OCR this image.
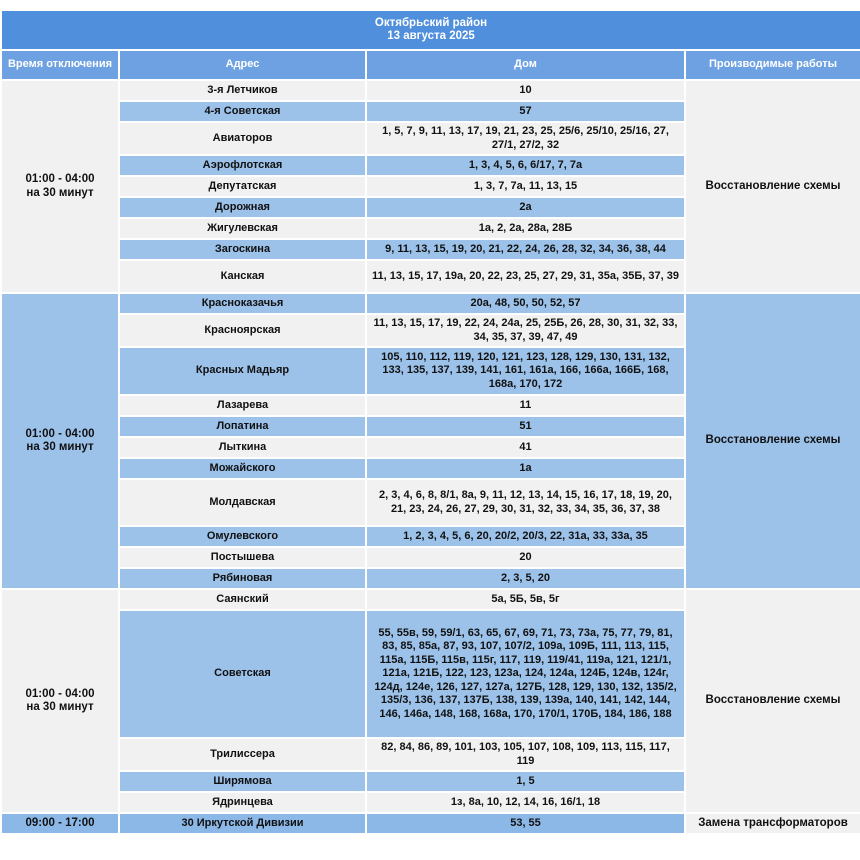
Октябрьский район
13 августа 2025			

Время отключения	Адрес	Дом	Производимые работы

01:00 - 04:00
на 30 минут	3-я Летчиков	10	Восстановление схемы
	4-я Советская	57	
	Авиаторов	1, 5, 7, 9, 11, 13, 17, 19, 21, 23, 25, 25/6, 25/10, 25/16, 27, 27/1, 27/2, 32	
	Аэрофлотская	1, 3, 4, 5, 6, 6/17, 7, 7а	
	Депутатская	1, 3, 7, 7а, 11, 13, 15	
	Дорожная	2а	
	Жигулевская	1а, 2, 2а, 28а, 28Б	
	Загоскина	9, 11, 13, 15, 19, 20, 21, 22, 24, 26, 28, 32, 34, 36, 38, 44	
	Канская	11, 13, 15, 17, 19а, 20, 22, 23, 25, 27, 29, 31, 35а, 35Б, 37, 39	

01:00 - 04:00
на 30 минут	Красноказачья	20а, 48, 50, 50, 52, 57	Восстановление схемы
	Красноярская	11, 13, 15, 17, 19, 22, 24, 24а, 25, 25Б, 26, 28, 30, 31, 32, 33, 34, 35, 37, 39, 47, 49	
	Красных Мадьяр	105, 110, 112, 119, 120, 121, 123, 128, 129, 130, 131, 132, 133, 135, 137, 139, 141, 161, 161а, 166, 166а, 166Б, 168, 168а, 170, 172	
	Лазарева	11	
	Лопатина	51	
	Лыткина	41	
	Можайского	1а	
	Молдавская	2, 3, 4, 6, 8, 8/1, 8а, 9, 11, 12, 13, 14, 15, 16, 17, 18, 19, 20, 21, 23, 24, 26, 27, 29, 30, 31, 32, 33, 34, 35, 36, 37, 38	
	Омулевского	1, 2, 3, 4, 5, 6, 20, 20/2, 20/3, 22, 31а, 33, 33а, 35	
	Постышева	20	
	Рябиновая	2, 3, 5, 20	

01:00 - 04:00
на 30 минут	Саянский	5а, 5Б, 5в, 5г	Восстановление схемы
	Советская	55, 55в, 59, 59/1, 63, 65, 67, 69, 71, 73, 73а, 75, 77, 79, 81, 83, 85, 85а, 87, 93, 107, 107/2, 109а, 109Б, 111, 113, 115, 115а, 115Б, 115в, 115г, 117, 119, 119/41, 119а, 121, 121/1, 121а, 121Б, 122, 123, 123а, 124, 124а, 124Б, 124в, 124г, 124д, 124е, 126, 127, 127а, 127Б, 128, 129, 130, 132, 135/2, 135/3, 136, 137, 137Б, 138, 139, 139а, 140, 141, 142, 144, 146, 146а, 148, 168, 168а, 170, 170/1, 170Б, 184, 186, 188	
	Трилиссера	82, 84, 86, 89, 101, 103, 105, 107, 108, 109, 113, 115, 117, 119	
	Ширямова	1, 5	
	Ядринцева	1з, 8а, 10, 12, 14, 16, 16/1, 18	
09:00 - 17:00	30 Иркутской Дивизии	53, 55	Замена трансформаторов
